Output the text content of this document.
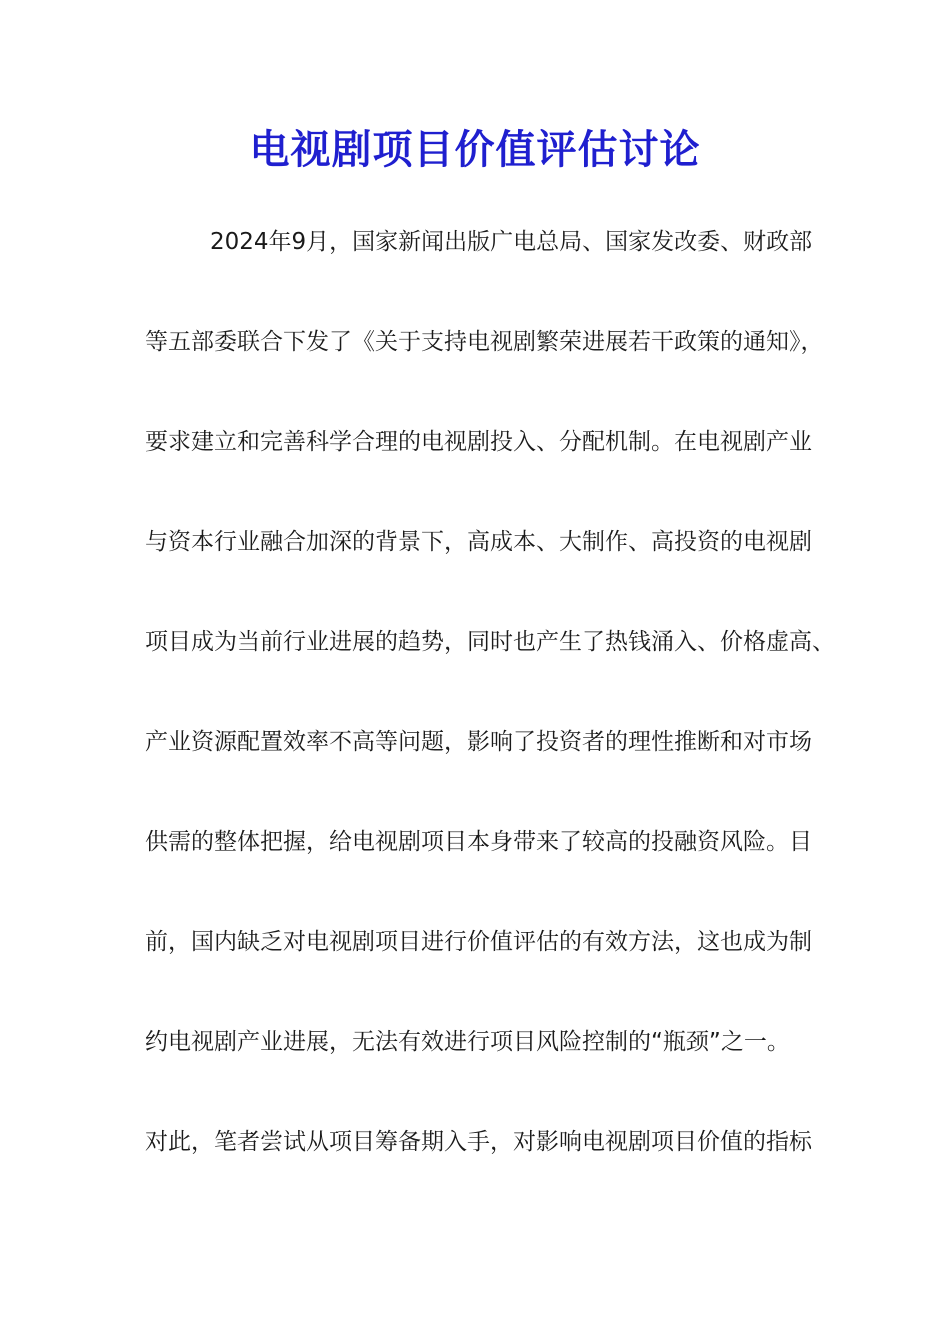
电视剧项目价值评估讨论
2024年9月，国家新闻出版广电总局、国家发改委、财政部
等五部委联合下发了《关于支持电视剧繁荣进展若干政策的通知》，
要求建立和完善科学合理的电视剧投入、分配机制。在电视剧产业
与资本行业融合加深的背景下，高成本、大制作、高投资的电视剧
项目成为当前行业进展的趋势，同时也产生了热钱涌入、价格虚高、
产业资源配置效率不高等问题，影响了投资者的理性推断和对市场
供需的整体把握，给电视剧项目本身带来了较高的投融资风险。目
前，国内缺乏对电视剧项目进行价值评估的有效方法，这也成为制
约电视剧产业进展，无法有效进行项目风险控制的“瓶颈”之一。
对此，笔者尝试从项目筹备期入手，对影响电视剧项目价值的指标
